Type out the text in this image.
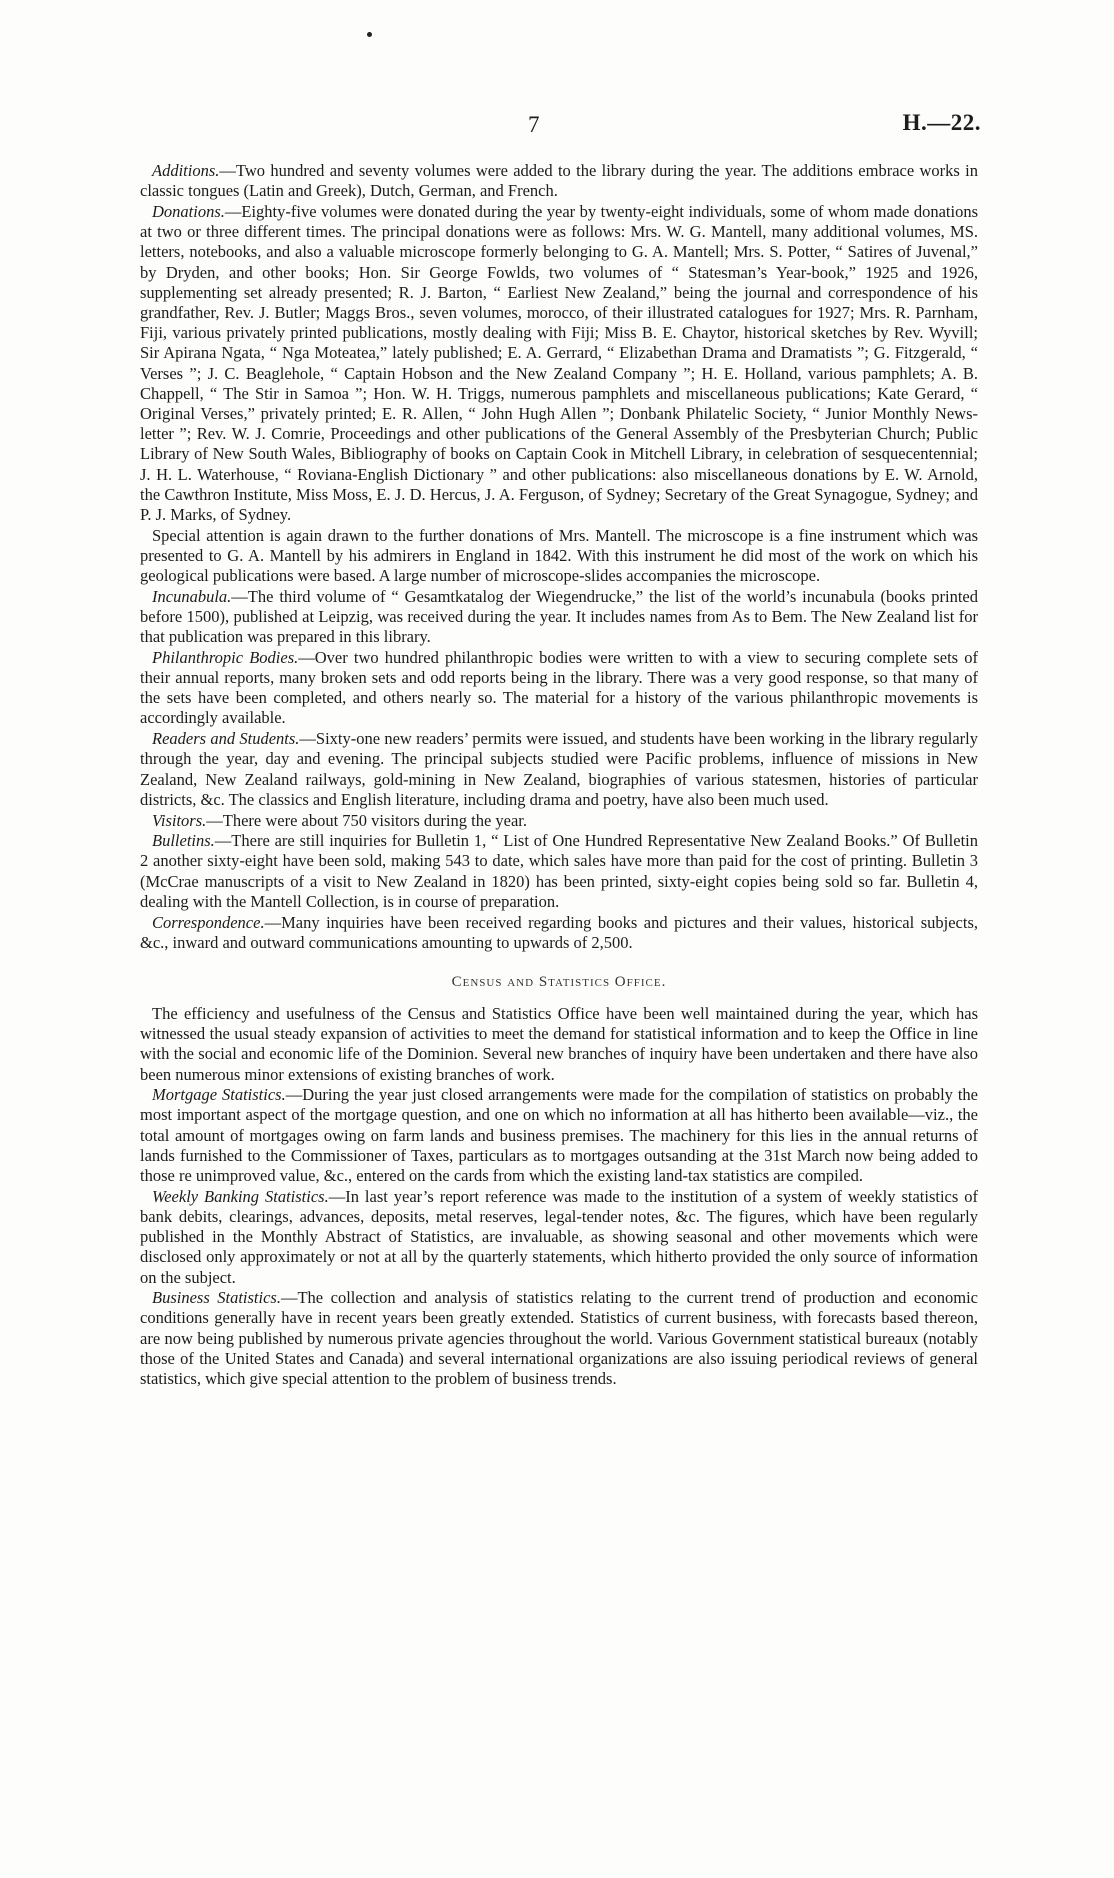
7	H.—22.

Additions.—Two hundred and seventy volumes were added to the library during the year. The additions embrace works in classic tongues (Latin and Greek), Dutch, German, and French.

Donations.—Eighty-five volumes were donated during the year by twenty-eight individuals, some of whom made donations at two or three different times. The principal donations were as follows: Mrs. W. G. Mantell, many additional volumes, MS. letters, notebooks, and also a valuable microscope formerly belonging to G. A. Mantell; Mrs. S. Potter, “ Satires of Juvenal,” by Dryden, and other books; Hon. Sir George Fowlds, two volumes of “ Statesman’s Year-book,” 1925 and 1926, supplementing set already presented; R. J. Barton, “ Earliest New Zealand,” being the journal and correspondence of his grandfather, Rev. J. Butler; Maggs Bros., seven volumes, morocco, of their illustrated catalogues for 1927; Mrs. R. Parnham, Fiji, various privately printed publications, mostly dealing with Fiji; Miss B. E. Chaytor, historical sketches by Rev. Wyvill; Sir Apirana Ngata, “ Nga Moteatea,” lately published; E. A. Gerrard, “ Elizabethan Drama and Dramatists ”; G. Fitzgerald, “ Verses ”; J. C. Beaglehole, “ Captain Hobson and the New Zealand Company ”; H. E. Holland, various pamphlets; A. B. Chappell, “ The Stir in Samoa ”; Hon. W. H. Triggs, numerous pamphlets and miscellaneous publications; Kate Gerard, “ Original Verses,” privately printed; E. R. Allen, “ John Hugh Allen ”; Donbank Philatelic Society, “ Junior Monthly News-letter ”; Rev. W. J. Comrie, Proceedings and other publications of the General Assembly of the Presbyterian Church; Public Library of New South Wales, Bibliography of books on Captain Cook in Mitchell Library, in celebration of sesquecentennial; J. H. L. Waterhouse, “ Roviana-English Dictionary ” and other publications: also miscellaneous donations by E. W. Arnold, the Cawthron Institute, Miss Moss, E. J. D. Hercus, J. A. Ferguson, of Sydney; Secretary of the Great Synagogue, Sydney; and P. J. Marks, of Sydney.

Special attention is again drawn to the further donations of Mrs. Mantell. The microscope is a fine instrument which was presented to G. A. Mantell by his admirers in England in 1842. With this instrument he did most of the work on which his geological publications were based. A large number of microscope-slides accompanies the microscope.

Incunabula.—The third volume of “ Gesamtkatalog der Wiegendrucke,” the list of the world’s incunabula (books printed before 1500), published at Leipzig, was received during the year. It includes names from As to Bem. The New Zealand list for that publication was prepared in this library.

Philanthropic Bodies.—Over two hundred philanthropic bodies were written to with a view to securing complete sets of their annual reports, many broken sets and odd reports being in the library. There was a very good response, so that many of the sets have been completed, and others nearly so. The material for a history of the various philanthropic movements is accordingly available.

Readers and Students.—Sixty-one new readers’ permits were issued, and students have been working in the library regularly through the year, day and evening. The principal subjects studied were Pacific problems, influence of missions in New Zealand, New Zealand railways, gold-mining in New Zealand, biographies of various statesmen, histories of particular districts, &c. The classics and English literature, including drama and poetry, have also been much used.

Visitors.—There were about 750 visitors during the year.

Bulletins.—There are still inquiries for Bulletin 1, “ List of One Hundred Representative New Zealand Books.” Of Bulletin 2 another sixty-eight have been sold, making 543 to date, which sales have more than paid for the cost of printing. Bulletin 3 (McCrae manuscripts of a visit to New Zealand in 1820) has been printed, sixty-eight copies being sold so far. Bulletin 4, dealing with the Mantell Collection, is in course of preparation.

Correspondence.—Many inquiries have been received regarding books and pictures and their values, historical subjects, &c., inward and outward communications amounting to upwards of 2,500.

Census and Statistics Office.

The efficiency and usefulness of the Census and Statistics Office have been well maintained during the year, which has witnessed the usual steady expansion of activities to meet the demand for statistical information and to keep the Office in line with the social and economic life of the Dominion. Several new branches of inquiry have been undertaken and there have also been numerous minor extensions of existing branches of work.

Mortgage Statistics.—During the year just closed arrangements were made for the compilation of statistics on probably the most important aspect of the mortgage question, and one on which no information at all has hitherto been available—viz., the total amount of mortgages owing on farm lands and business premises. The machinery for this lies in the annual returns of lands furnished to the Commissioner of Taxes, particulars as to mortgages outsanding at the 31st March now being added to those re unimproved value, &c., entered on the cards from which the existing land-tax statistics are compiled.

Weekly Banking Statistics.—In last year’s report reference was made to the institution of a system of weekly statistics of bank debits, clearings, advances, deposits, metal reserves, legal-tender notes, &c. The figures, which have been regularly published in the Monthly Abstract of Statistics, are invaluable, as showing seasonal and other movements which were disclosed only approximately or not at all by the quarterly statements, which hitherto provided the only source of information on the subject.

Business Statistics.—The collection and analysis of statistics relating to the current trend of production and economic conditions generally have in recent years been greatly extended. Statistics of current business, with forecasts based thereon, are now being published by numerous private agencies throughout the world. Various Government statistical bureaux (notably those of the United States and Canada) and several international organizations are also issuing periodical reviews of general statistics, which give special attention to the problem of business trends.
